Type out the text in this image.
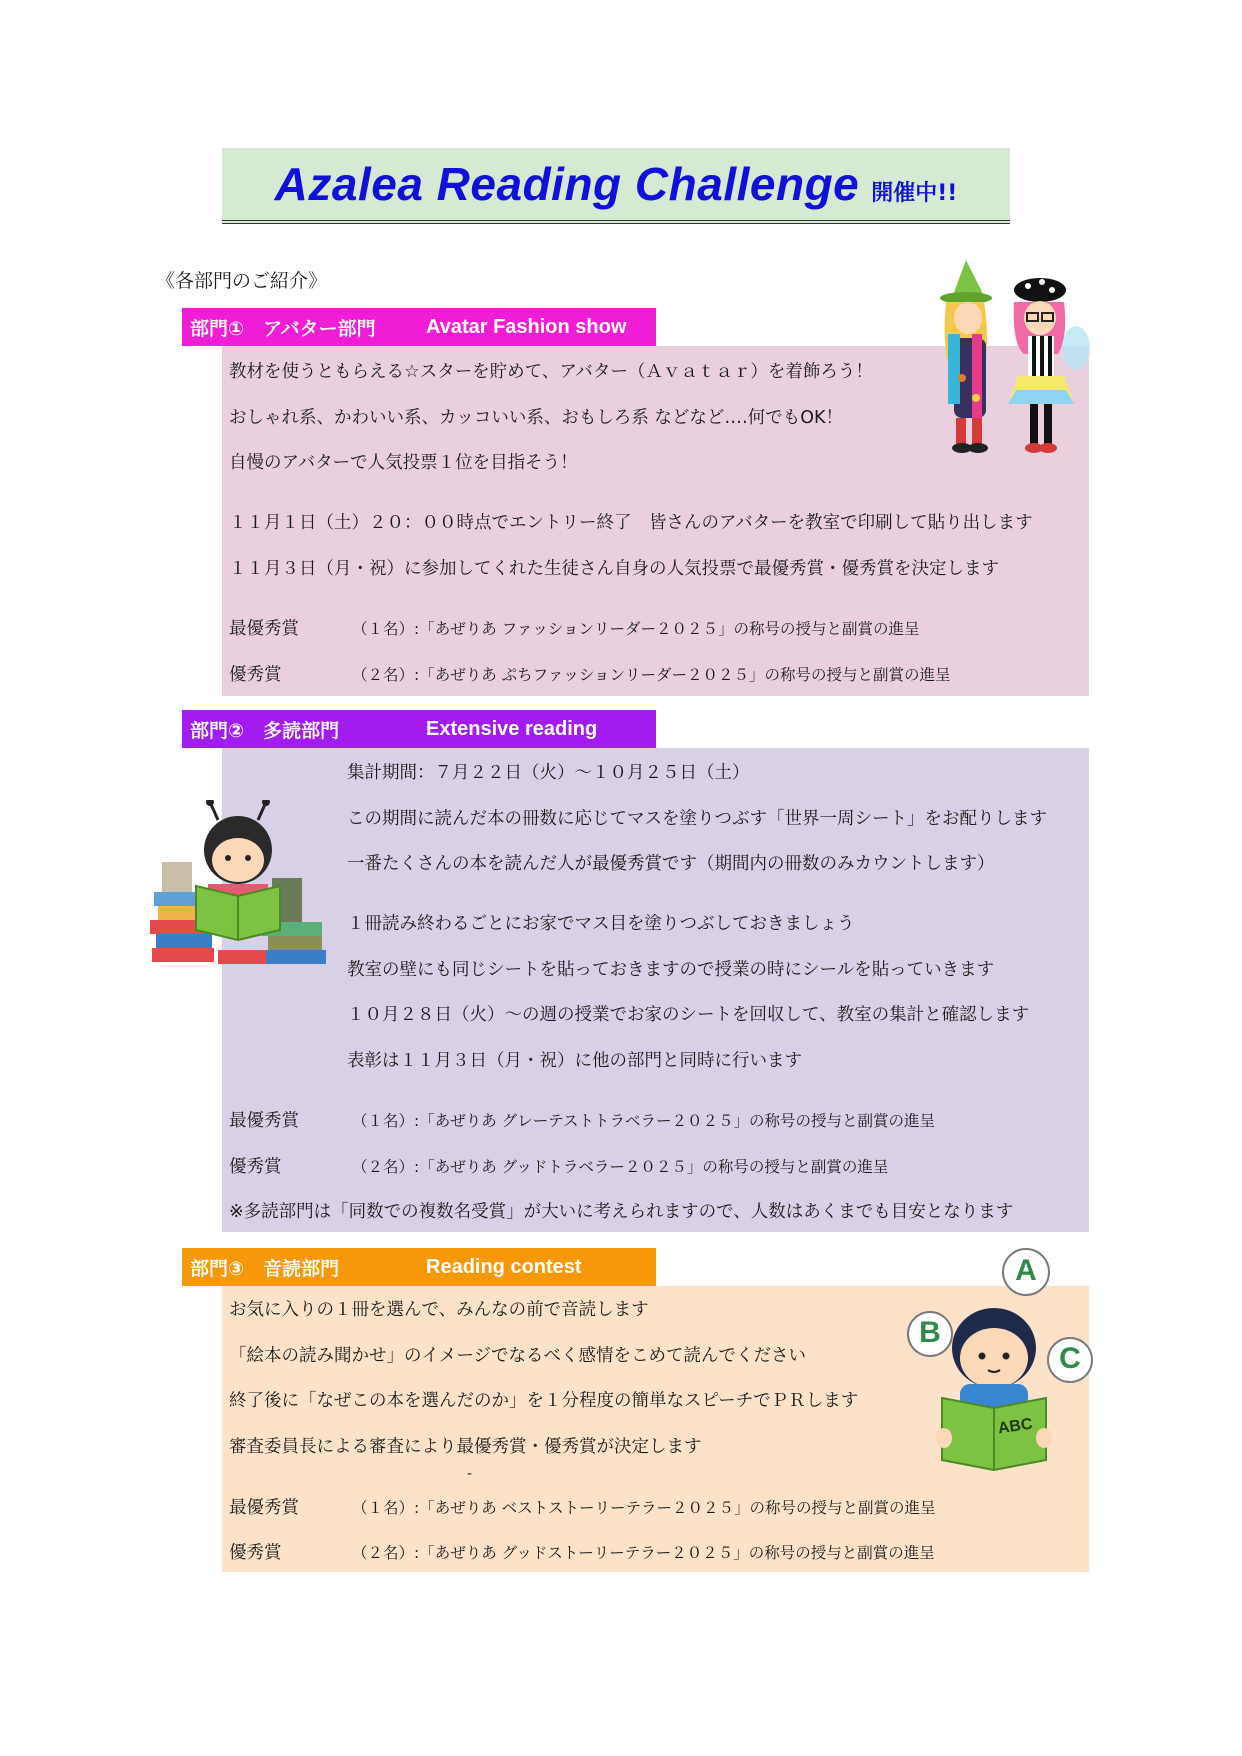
Azalea Reading Challenge 開催中!!
《各部門のご紹介》
部門①　アバター部門	Avatar Fashion show
教材を使うともらえる☆スターを貯めて、アバター（Ａｖａｔａｒ）を着飾ろう！
おしゃれ系、かわいい系、カッコいい系、おもしろ系 などなど‥‥何でもOK！
自慢のアバターで人気投票１位を目指そう！
１１月１日（土）２０：００時点でエントリー終了　皆さんのアバターを教室で印刷して貼り出します
１１月３日（月・祝）に参加してくれた生徒さん自身の人気投票で最優秀賞・優秀賞を決定します
最優秀賞	（１名）:「あぜりあ ファッションリーダー２０２５」の称号の授与と副賞の進呈
優秀賞	（２名）:「あぜりあ ぷちファッションリーダー２０２５」の称号の授与と副賞の進呈
部門②　多読部門	Extensive reading
集計期間：７月２２日（火）～１０月２５日（土）
この期間に読んだ本の冊数に応じてマスを塗りつぶす「世界一周シート」をお配りします
一番たくさんの本を読んだ人が最優秀賞です（期間内の冊数のみカウントします）
１冊読み終わるごとにお家でマス目を塗りつぶしておきましょう
教室の壁にも同じシートを貼っておきますので授業の時にシールを貼っていきます
１０月２８日（火）～の週の授業でお家のシートを回収して、教室の集計と確認します
表彰は１１月３日（月・祝）に他の部門と同時に行います
最優秀賞	（１名）:「あぜりあ グレーテストトラベラー２０２５」の称号の授与と副賞の進呈
優秀賞	（２名）:「あぜりあ グッドトラベラー２０２５」の称号の授与と副賞の進呈
※多読部門は「同数での複数名受賞」が大いに考えられますので、人数はあくまでも目安となります
部門③　音読部門	Reading contest
お気に入りの１冊を選んで、みんなの前で音読します
「絵本の読み聞かせ」のイメージでなるべく感情をこめて読んでください
終了後に「なぜこの本を選んだのか」を１分程度の簡単なスピーチでＰＲします
審査委員長による審査により最優秀賞・優秀賞が決定します
-
最優秀賞	（１名）:「あぜりあ ベストストーリーテラー２０２５」の称号の授与と副賞の進呈
優秀賞	（２名）:「あぜりあ グッドストーリーテラー２０２５」の称号の授与と副賞の進呈
A
B
C
ABC
